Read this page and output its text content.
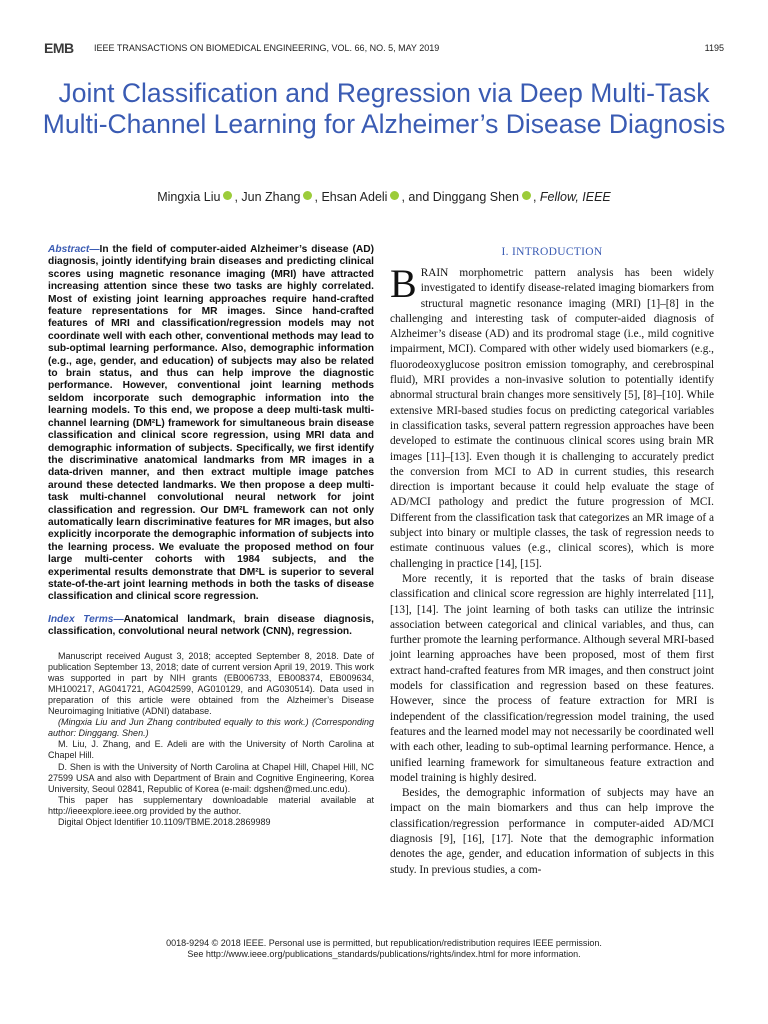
EMB	IEEE TRANSACTIONS ON BIOMEDICAL ENGINEERING, VOL. 66, NO. 5, MAY 2019	1195
Joint Classification and Regression via Deep Multi-Task Multi-Channel Learning for Alzheimer’s Disease Diagnosis
Mingxia Liu , Jun Zhang , Ehsan Adeli , and Dinggang Shen , Fellow, IEEE

Abstract—In the field of computer-aided Alzheimer’s disease (AD) diagnosis, jointly identifying brain diseases and predicting clinical scores using magnetic resonance imaging (MRI) have attracted increasing attention since these two tasks are highly correlated. Most of existing joint learning approaches require hand-crafted feature representations for MR images. Since hand-crafted features of MRI and classification/regression models may not coordinate well with each other, conventional methods may lead to sub-optimal learning performance. Also, demographic information (e.g., age, gender, and education) of subjects may also be related to brain status, and thus can help improve the diagnostic performance. However, conventional joint learning methods seldom incorporate such demographic information into the learning models. To this end, we propose a deep multi-task multi-channel learning (DM²L) framework for simultaneous brain disease classification and clinical score regression, using MRI data and demographic information of subjects. Specifically, we first identify the discriminative anatomical landmarks from MR images in a data-driven manner, and then extract multiple image patches around these detected landmarks. We then propose a deep multi-task multi-channel convolutional neural network for joint classification and regression. Our DM²L framework can not only automatically learn discriminative features for MR images, but also explicitly incorporate the demographic information of subjects into the learning process. We evaluate the proposed method on four large multi-center cohorts with 1984 subjects, and the experimental results demonstrate that DM²L is superior to several state-of-the-art joint learning methods in both the tasks of disease classification and clinical score regression.

Index Terms—Anatomical landmark, brain disease diagnosis, classification, convolutional neural network (CNN), regression.

Manuscript received August 3, 2018; accepted September 8, 2018. Date of publication September 13, 2018; date of current version April 19, 2019. This work was supported in part by NIH grants (EB006733, EB008374, EB009634, MH100217, AG041721, AG042599, AG010129, and AG030514). Data used in preparation of this article were obtained from the Alzheimer’s Disease Neuroimaging Initiative (ADNI) database.

(Mingxia Liu and Jun Zhang contributed equally to this work.) (Corresponding author: Dinggang. Shen.)

M. Liu, J. Zhang, and E. Adeli are with the University of North Carolina at Chapel Hill.

D. Shen is with the University of North Carolina at Chapel Hill, Chapel Hill, NC 27599 USA and also with Department of Brain and Cognitive Engineering, Korea University, Seoul 02841, Republic of Korea (e-mail: dgshen@med.unc.edu).

This paper has supplementary downloadable material available at http://ieeexplore.ieee.org provided by the author.

Digital Object Identifier 10.1109/TBME.2018.2869989

I. INTRODUCTION

BRAIN morphometric pattern analysis has been widely investigated to identify disease-related imaging biomarkers from structural magnetic resonance imaging (MRI) [1]–[8] in the challenging and interesting task of computer-aided diagnosis of Alzheimer’s disease (AD) and its prodromal stage (i.e., mild cognitive impairment, MCI). Compared with other widely used biomarkers (e.g., fluorodeoxyglucose positron emission tomography, and cerebrospinal fluid), MRI provides a non-invasive solution to potentially identify abnormal structural brain changes more sensitively [5], [8]–[10]. While extensive MRI-based studies focus on predicting categorical variables in classification tasks, several pattern regression approaches have been developed to estimate the continuous clinical scores using brain MR images [11]–[13]. Even though it is challenging to accurately predict the conversion from MCI to AD in current studies, this research direction is important because it could help evaluate the stage of AD/MCI pathology and predict the future progression of MCI. Different from the classification task that categorizes an MR image of a subject into binary or multiple classes, the task of regression needs to estimate continuous values (e.g., clinical scores), which is more challenging in practice [14], [15].

More recently, it is reported that the tasks of brain disease classification and clinical score regression are highly interrelated [11], [13], [14]. The joint learning of both tasks can utilize the intrinsic association between categorical and clinical variables, and thus, can further promote the learning performance. Although several MRI-based joint learning approaches have been proposed, most of them first extract hand-crafted features from MR images, and then construct joint models for classification and regression based on these features. However, since the process of feature extraction for MRI is independent of the classification/regression model training, the used features and the learned model may not necessarily be coordinated well with each other, leading to sub-optimal learning performance. Hence, a unified learning framework for simultaneous feature extraction and model training is highly desired.

Besides, the demographic information of subjects may have an impact on the main biomarkers and thus can help improve the classification/regression performance in computer-aided AD/MCI diagnosis [9], [16], [17]. Note that the demographic information denotes the age, gender, and education information of subjects in this study. In previous studies, a com-

0018-9294 © 2018 IEEE. Personal use is permitted, but republication/redistribution requires IEEE permission.
See http://www.ieee.org/publications_standards/publications/rights/index.html for more information.
